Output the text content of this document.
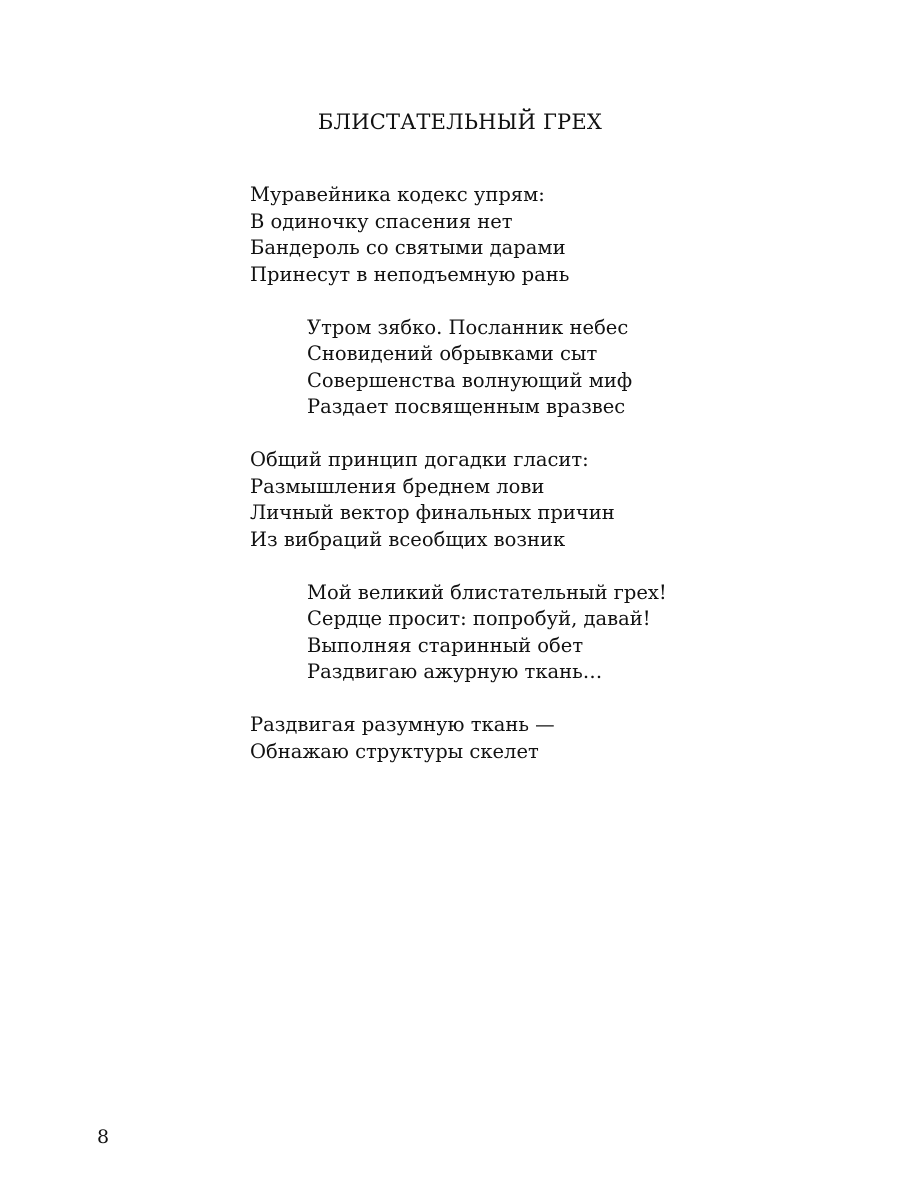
БЛИСТАТЕЛЬНЫЙ ГРЕХ
Муравейника кодекс упрям:
В одиночку спасения нет
Бандероль со святыми дарами
Принесут в неподъемную рань
Утром зябко. Посланник небес
Сновидений обрывками сыт
Совершенства волнующий миф
Раздает посвященным вразвес
Общий принцип догадки гласит:
Размышления бреднем лови
Личный вектор финальных причин
Из вибраций всеобщих возник
Мой великий блистательный грех!
Сердце просит: попробуй, давай!
Выполняя старинный обет
Раздвигаю ажурную ткань…
Раздвигая разумную ткань —
Обнажаю структуры скелет
8
